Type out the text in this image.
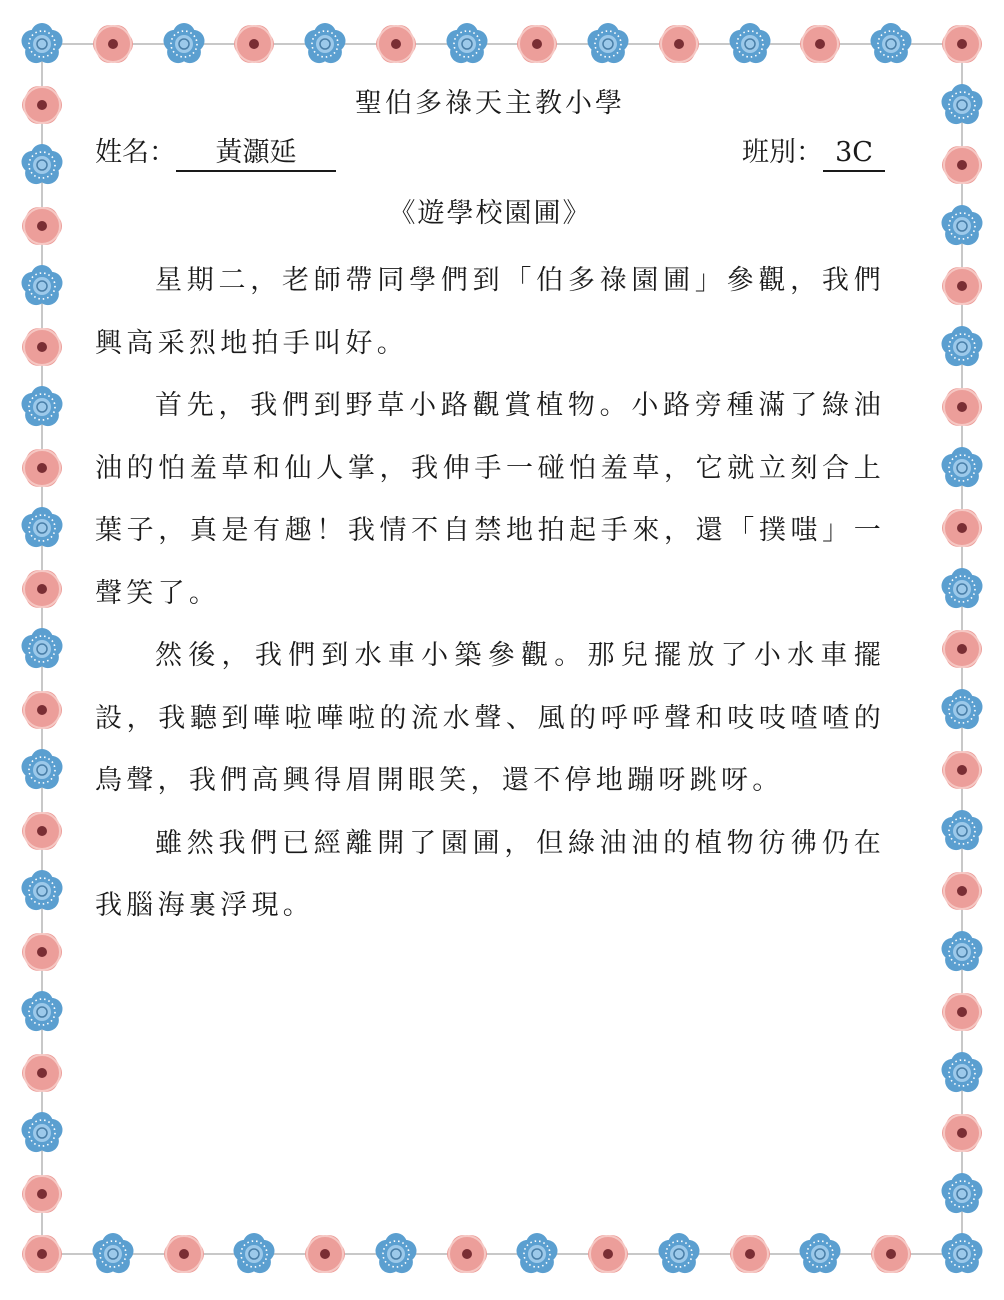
聖伯多祿天主教小學
姓名： 黃灝延	班別： 3C
《遊學校園圃》

星期二，老師帶同學們到「伯多祿園圃」參觀，我們興高采烈地拍手叫好。

首先，我們到野草小路觀賞植物。小路旁種滿了綠油油的怕羞草和仙人掌，我伸手一碰怕羞草，它就立刻合上葉子，真是有趣！我情不自禁地拍起手來，還「撲嗤」一聲笑了。

然後，我們到水車小築參觀。那兒擺放了小水車擺設，我聽到嘩啦嘩啦的流水聲、風的呼呼聲和吱吱喳喳的鳥聲，我們高興得眉開眼笑，還不停地蹦呀跳呀。

雖然我們已經離開了園圃，但綠油油的植物彷彿仍在我腦海裏浮現。
